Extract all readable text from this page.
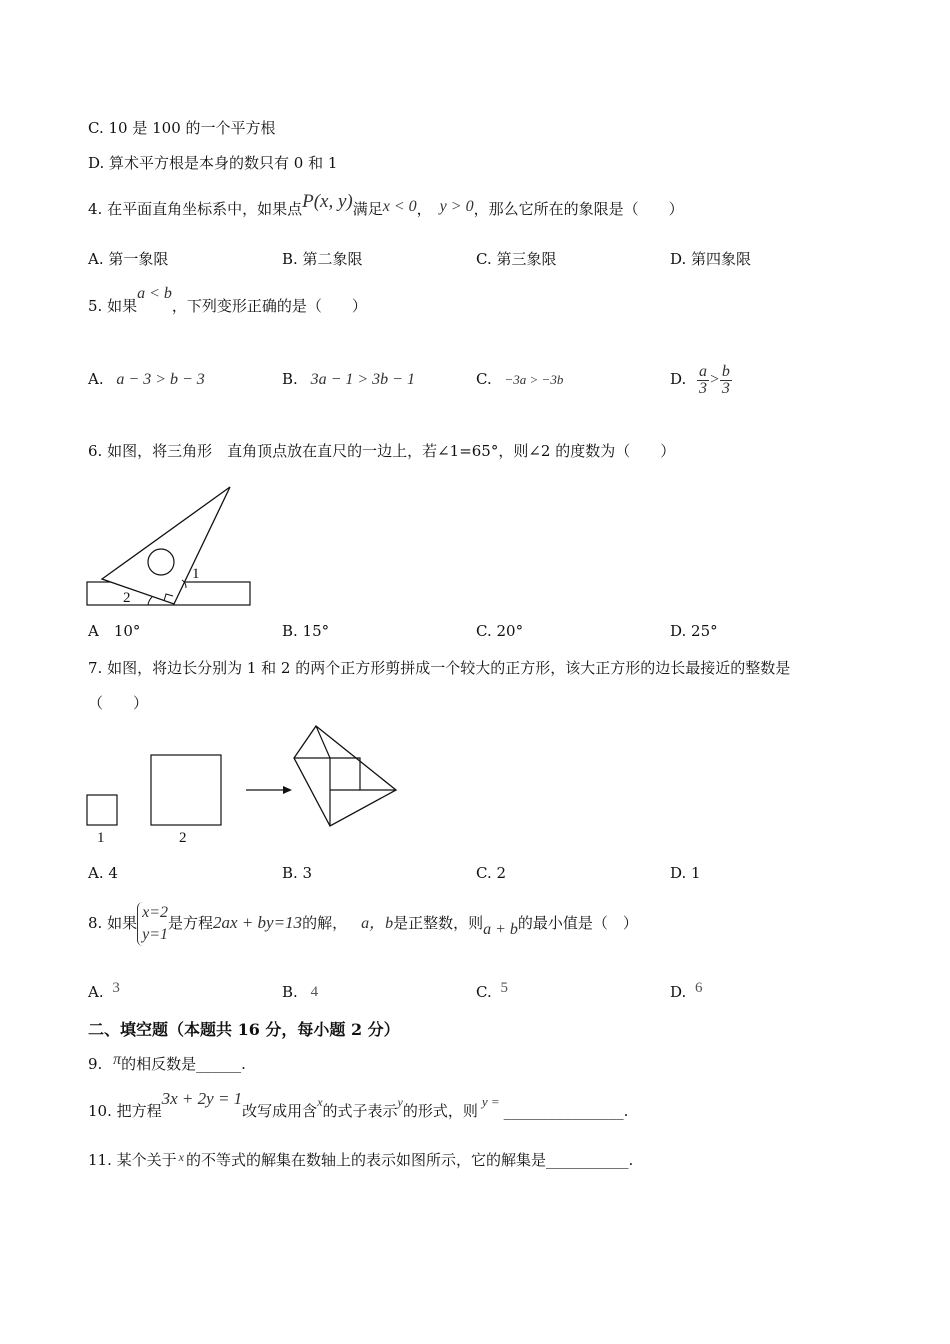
C. 10 是 100 的一个平方根
D. 算术平方根是本身的数只有 0 和 1
4. 在平面直角坐标系中，如果点P(x, y)满足x < 0， y > 0，那么它所在的象限是（　　）
A. 第一象限	B. 第二象限	C. 第三象限	D. 第四象限
5. 如果a < b，下列变形正确的是（　　）
A. a − 3 > b − 3	B. 3a − 1 > 3b − 1	C. −3a > −3b	D. $\frac{a}{3} > \frac{b}{3}$
6. 如图，将三角形　直角顶点放在直尺的一边上，若∠1=65°，则∠2 的度数为（　　）
1
2
A　10°	B. 15°	C. 20°	D. 25°
7. 如图，将边长分别为 1 和 2 的两个正方形剪拼成一个较大的正方形，该大正方形的边长最接近的整数是
（　　）
1	2
A. 4	B. 3	C. 2	D. 1
8. 如果
x=2
y=1
是方程2ax + by=13的解， a，b是正整数，则a + b的最小值是（　）
A. 3	B. 4	C. 5	D. 6
二、填空题（本题共 16 分，每小题 2 分）
9. π的相反数是______.
10. 把方程3x + 2y = 1改写成用含$^x$的式子表示$^y$的形式，则y =________________.
11. 某个关于 $^x$ 的不等式的解集在数轴上的表示如图所示，它的解集是___________.
